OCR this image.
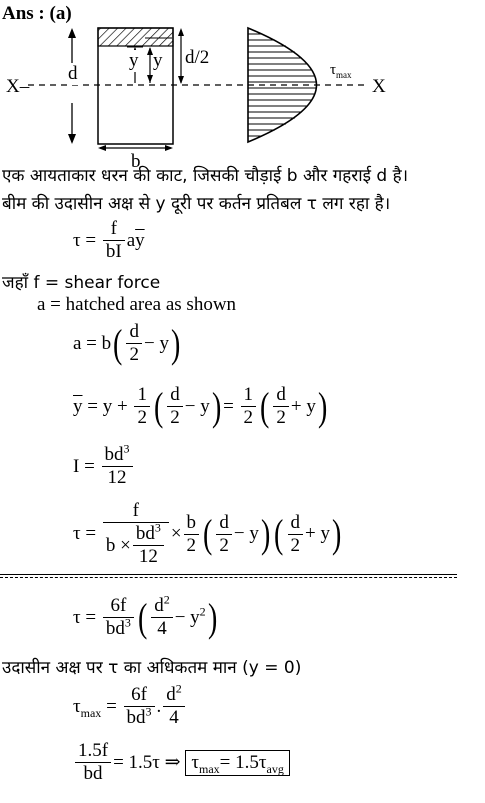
Ans : (a)
X–	X
d
y y d/2
b
$\tau_{max}$
एक आयताकार धरन की काट, जिसकी चौड़ाई b और गहराई d है।
बीम की उदासीन अक्ष से y दूरी पर कर्तन प्रतिबल τ लग रहा है।
$\tau = \frac{f}{bI} a\overline{y}$
जहाँ f = shear force
a = hatched area as shown
$a = b( \frac{d}{2} - y)$
$\overline{y} = y + \frac{1}{2}$ ( $\frac{d}{2} - y) = \frac{1}{2}$ ( $\frac{d}{2} + y$)
$I = \frac{bd^3}{12}$
$\tau = \frac{f}{b \times \frac{bd^3}{12}} \times \frac{b}{2}$ ( $\frac{d}{2} - y)( \frac{d}{2} + y)$
$\tau = \frac{6f}{bd^3}$ ( $\frac{d^2}{4} - y^2$)
उदासीन अक्ष पर τ का अधिकतम मान (y = 0)
$\tau_{max} = \frac{6f}{bd^3}$ . $\frac{d^2}{4}$
$\frac{1.5f}{bd} = 1.5\tau$ ⇒ $\tau_{max}= 1.5\tau_{avg}$
